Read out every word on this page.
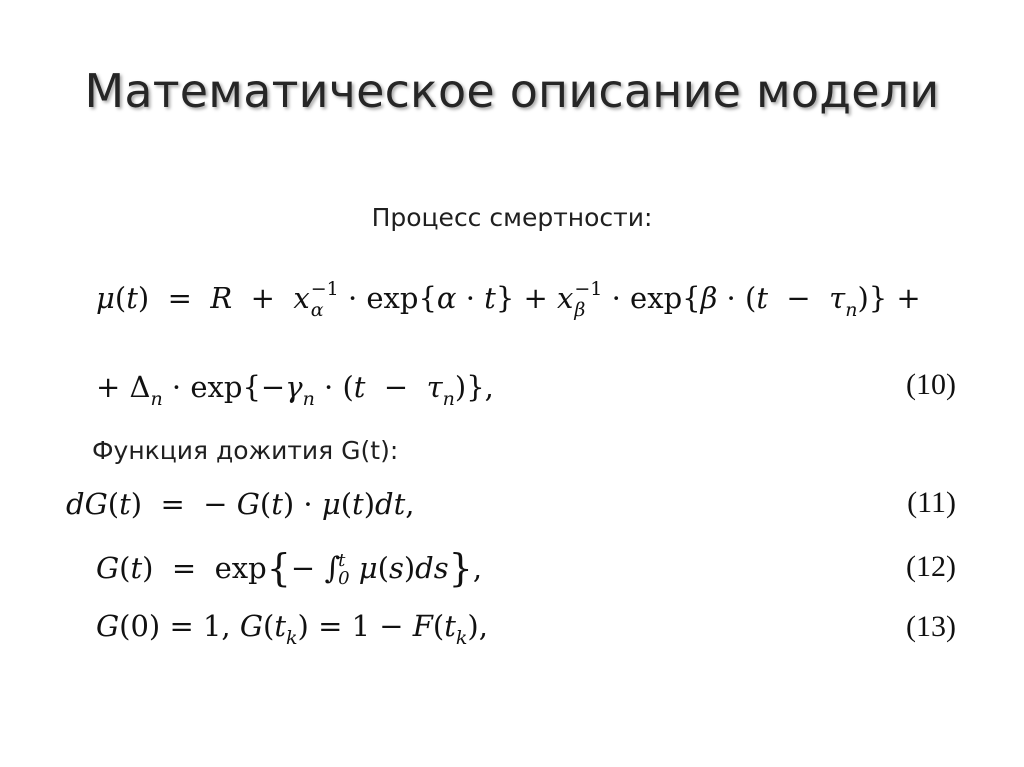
Математическое описание модели
Процесс смертности:
μ(t)  =  R  +  x −1
α · exp{α · t} + x −1
$\beta \cdot \exp\{\beta \cdot (t - \tau_n)\}$ +
+ $\Delta_n \cdot \exp\{-\gamma_n \cdot (t - \tau_n)\}$,	(10)
Функция дожития G(t):
dG(t)  =  − G(t) · μ(t)dt,	(11)
G(t)  =  exp{− ∫
t
0 μ(s)ds},	(12)
G(0) = 1, $G(t_k) = 1 - F(t_k)$,	(13)
